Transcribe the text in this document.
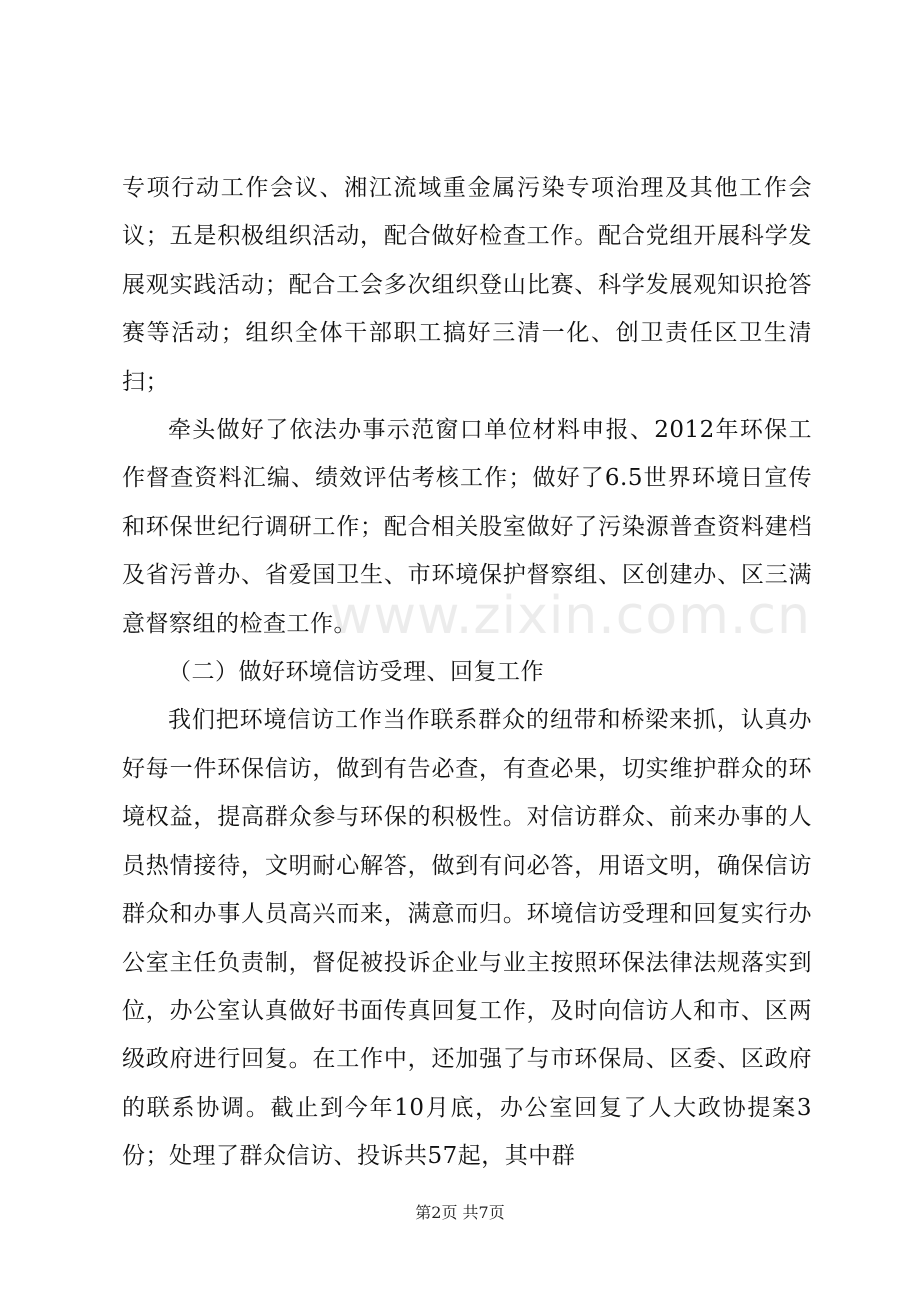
专项行动工作会议、湘江流域重金属污染专项治理及其他工作会议；五是积极组织活动，配合做好检查工作。配合党组开展科学发展观实践活动；配合工会多次组织登山比赛、科学发展观知识抢答赛等活动；组织全体干部职工搞好三清一化、创卫责任区卫生清扫；

牵头做好了依法办事示范窗口单位材料申报、2012年环保工作督查资料汇编、绩效评估考核工作；做好了6.5世界环境日宣传和环保世纪行调研工作；配合相关股室做好了污染源普查资料建档及省污普办、省爱国卫生、市环境保护督察组、区创建办、区三满意督察组的检查工作。

（二）做好环境信访受理、回复工作

我们把环境信访工作当作联系群众的纽带和桥梁来抓，认真办好每一件环保信访，做到有告必查，有查必果，切实维护群众的环境权益，提高群众参与环保的积极性。对信访群众、前来办事的人员热情接待，文明耐心解答，做到有问必答，用语文明，确保信访群众和办事人员高兴而来，满意而归。环境信访受理和回复实行办公室主任负责制，督促被投诉企业与业主按照环保法律法规落实到位，办公室认真做好书面传真回复工作，及时向信访人和市、区两级政府进行回复。在工作中，还加强了与市环保局、区委、区政府的联系协调。截止到今年10月底，办公室回复了人大政协提案3份；处理了群众信访、投诉共57起，其中群

www.zixin.com.cn
第2页 共7页
